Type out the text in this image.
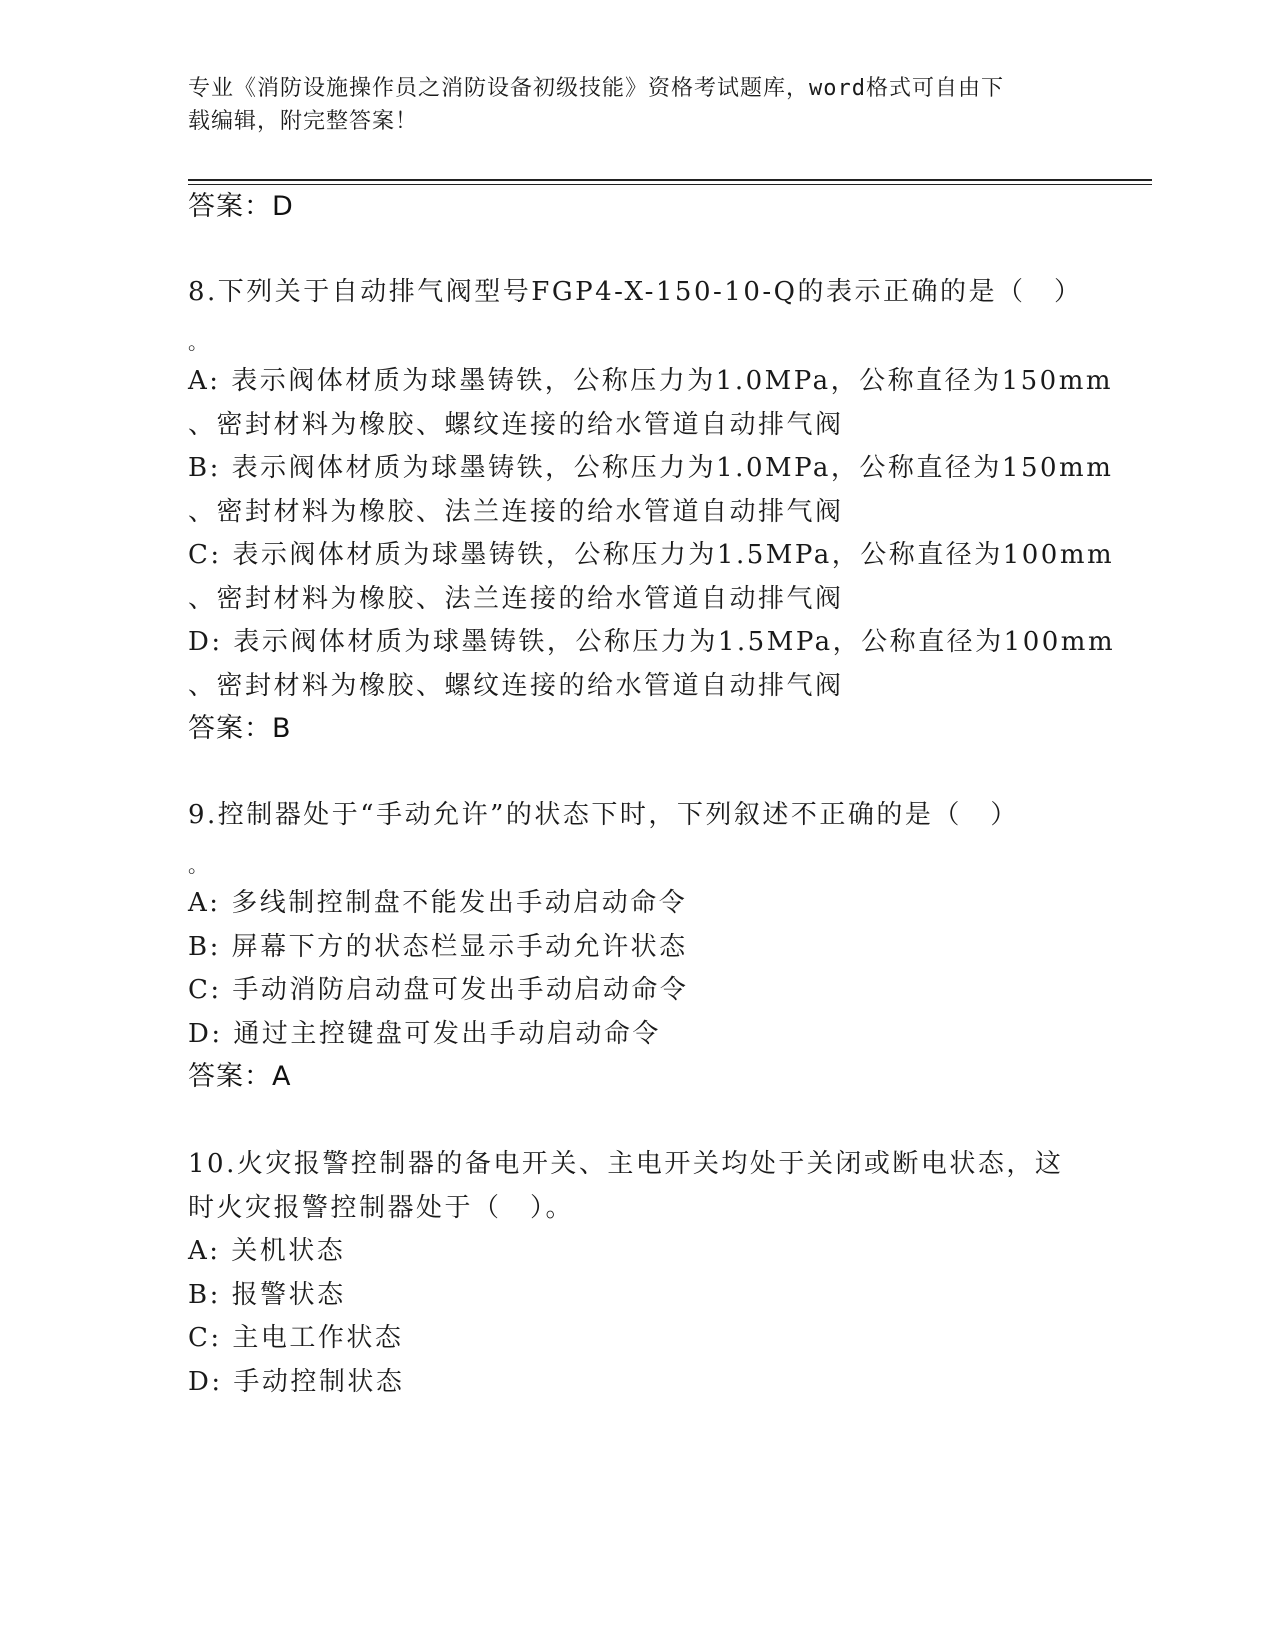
专业《消防设施操作员之消防设备初级技能》资格考试题库，word格式可自由下
载编辑，附完整答案！
答案：D
8.下列关于自动排气阀型号FGP4-X-150-10-Q的表示正确的是（　）
。
A: 表示阀体材质为球墨铸铁，公称压力为1.0MPa，公称直径为150mm
、密封材料为橡胶、螺纹连接的给水管道自动排气阀
B: 表示阀体材质为球墨铸铁，公称压力为1.0MPa，公称直径为150mm
、密封材料为橡胶、法兰连接的给水管道自动排气阀
C: 表示阀体材质为球墨铸铁，公称压力为1.5MPa，公称直径为100mm
、密封材料为橡胶、法兰连接的给水管道自动排气阀
D: 表示阀体材质为球墨铸铁，公称压力为1.5MPa，公称直径为100mm
、密封材料为橡胶、螺纹连接的给水管道自动排气阀
答案：B
9.控制器处于“手动允许”的状态下时，下列叙述不正确的是（　）
。
A: 多线制控制盘不能发出手动启动命令
B: 屏幕下方的状态栏显示手动允许状态
C: 手动消防启动盘可发出手动启动命令
D: 通过主控键盘可发出手动启动命令
答案：A
10.火灾报警控制器的备电开关、主电开关均处于关闭或断电状态，这
时火灾报警控制器处于（　）。
A: 关机状态
B: 报警状态
C: 主电工作状态
D: 手动控制状态
